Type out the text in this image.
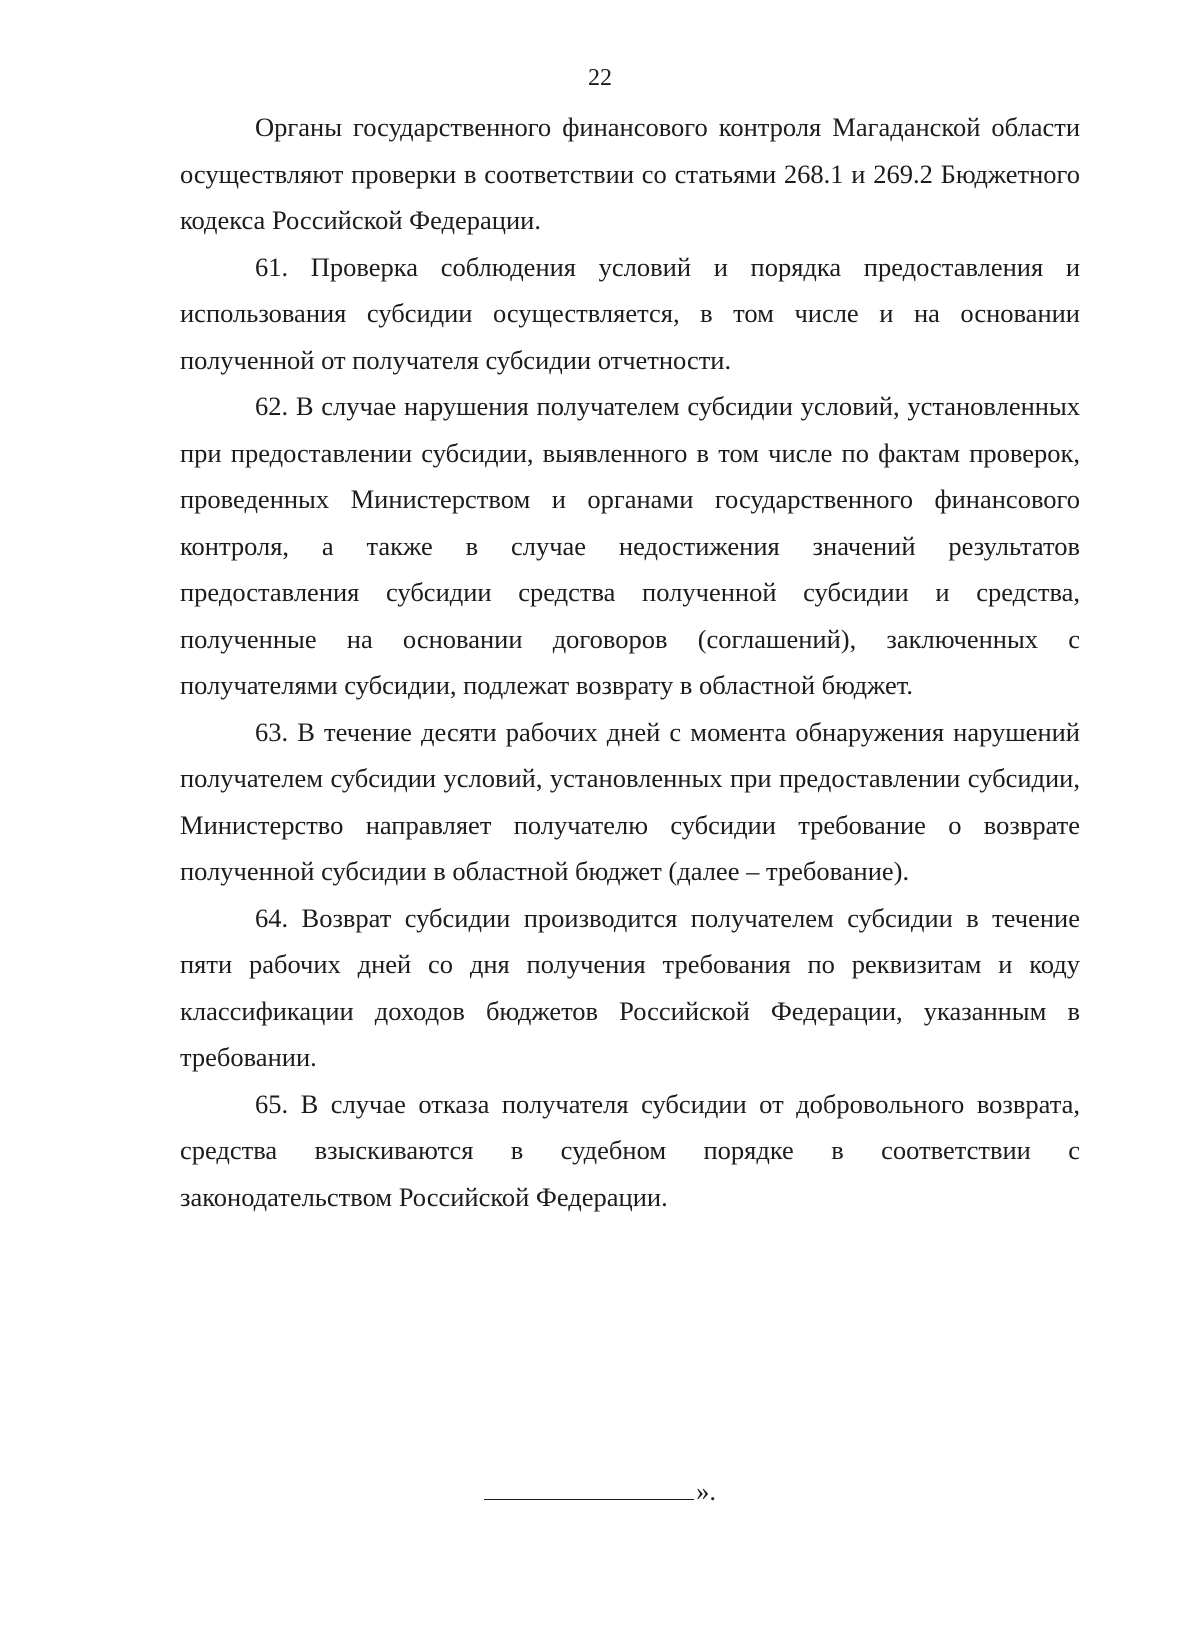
22

Органы государственного финансового контроля Магаданской области осуществляют проверки в соответствии со статьями 268.1 и 269.2 Бюджетного кодекса Российской Федерации.

61. Проверка соблюдения условий и порядка предоставления и использования субсидии осуществляется, в том числе и на основании полученной от получателя субсидии отчетности.

62. В случае нарушения получателем субсидии условий, установленных при предоставлении субсидии, выявленного в том числе по фактам проверок, проведенных Министерством и органами государственного финансового контроля, а также в случае недостижения значений результатов предоставления субсидии средства полученной субсидии и средства, полученные на основании договоров (соглашений), заключенных с получателями субсидии, подлежат возврату в областной бюджет.

63. В течение десяти рабочих дней с момента обнаружения нарушений получателем субсидии условий, установленных при предоставлении субсидии, Министерство направляет получателю субсидии требование о возврате полученной субсидии в областной бюджет (далее – требование).

64. Возврат субсидии производится получателем субсидии в течение пяти рабочих дней со дня получения требования по реквизитам и коду классификации доходов бюджетов Российской Федерации, указанным в требовании.

65. В случае отказа получателя субсидии от добровольного возврата, средства взыскиваются в судебном порядке в соответствии с законодательством Российской Федерации.

».
